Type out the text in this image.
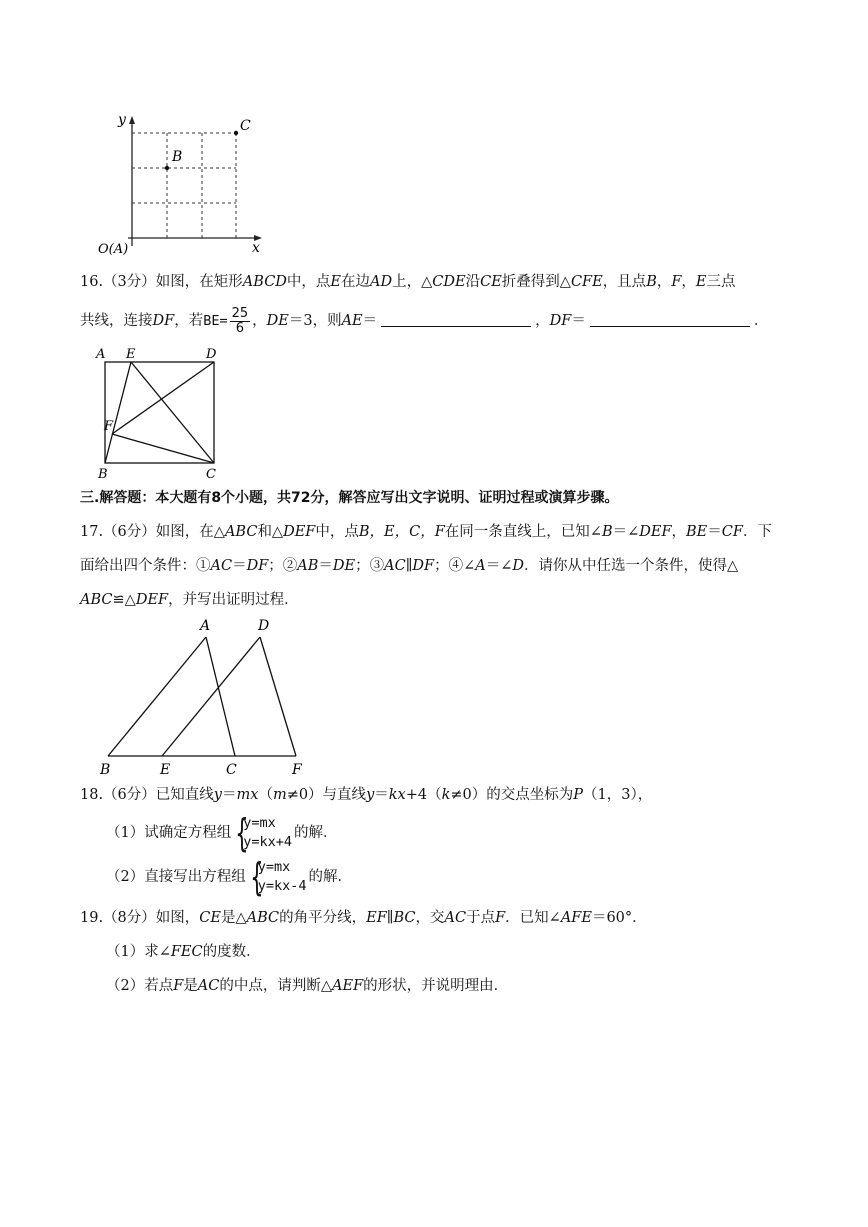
y
x
O(A)
B
C
16.（3分）如图，在矩形ABCD中，点E在边AD上，△CDE沿CE折叠得到△CFE，且点B，F，E三点
共线，连接DF，若$BE= \frac{25}{6}$ ，DE＝3，则AE＝	，DF＝	．
A E	D
F
B	C
三.解答题：本大题有8个小题，共72分，解答应写出文字说明、证明过程或演算步骤。
17.（6分）如图，在△ABC和△DEF中，点B，E，C，F在同一条直线上，已知∠B＝∠DEF，BE＝CF．下
面给出四个条件：①AC＝DF；②AB＝DE；③AC∥DF；④∠A＝∠D．请你从中任选一个条件，使得△
ABC≌△DEF，并写出证明过程．
A	D
B	E	C	F
18.（6分）已知直线y＝mx（m≠0）与直线y＝kx+4（k≠0）的交点坐标为P（1，3），
（1）试确定方程组 {
y=mx
y=kx+4
的解．
（2）直接写出方程组 {
y=mx
y=kx-4
的解．
19.（8分）如图，CE是△ABC的角平分线，EF∥BC，交AC于点F．已知∠AFE＝60°．
（1）求∠FEC的度数．
（2）若点F是AC的中点，请判断△AEF的形状，并说明理由．
